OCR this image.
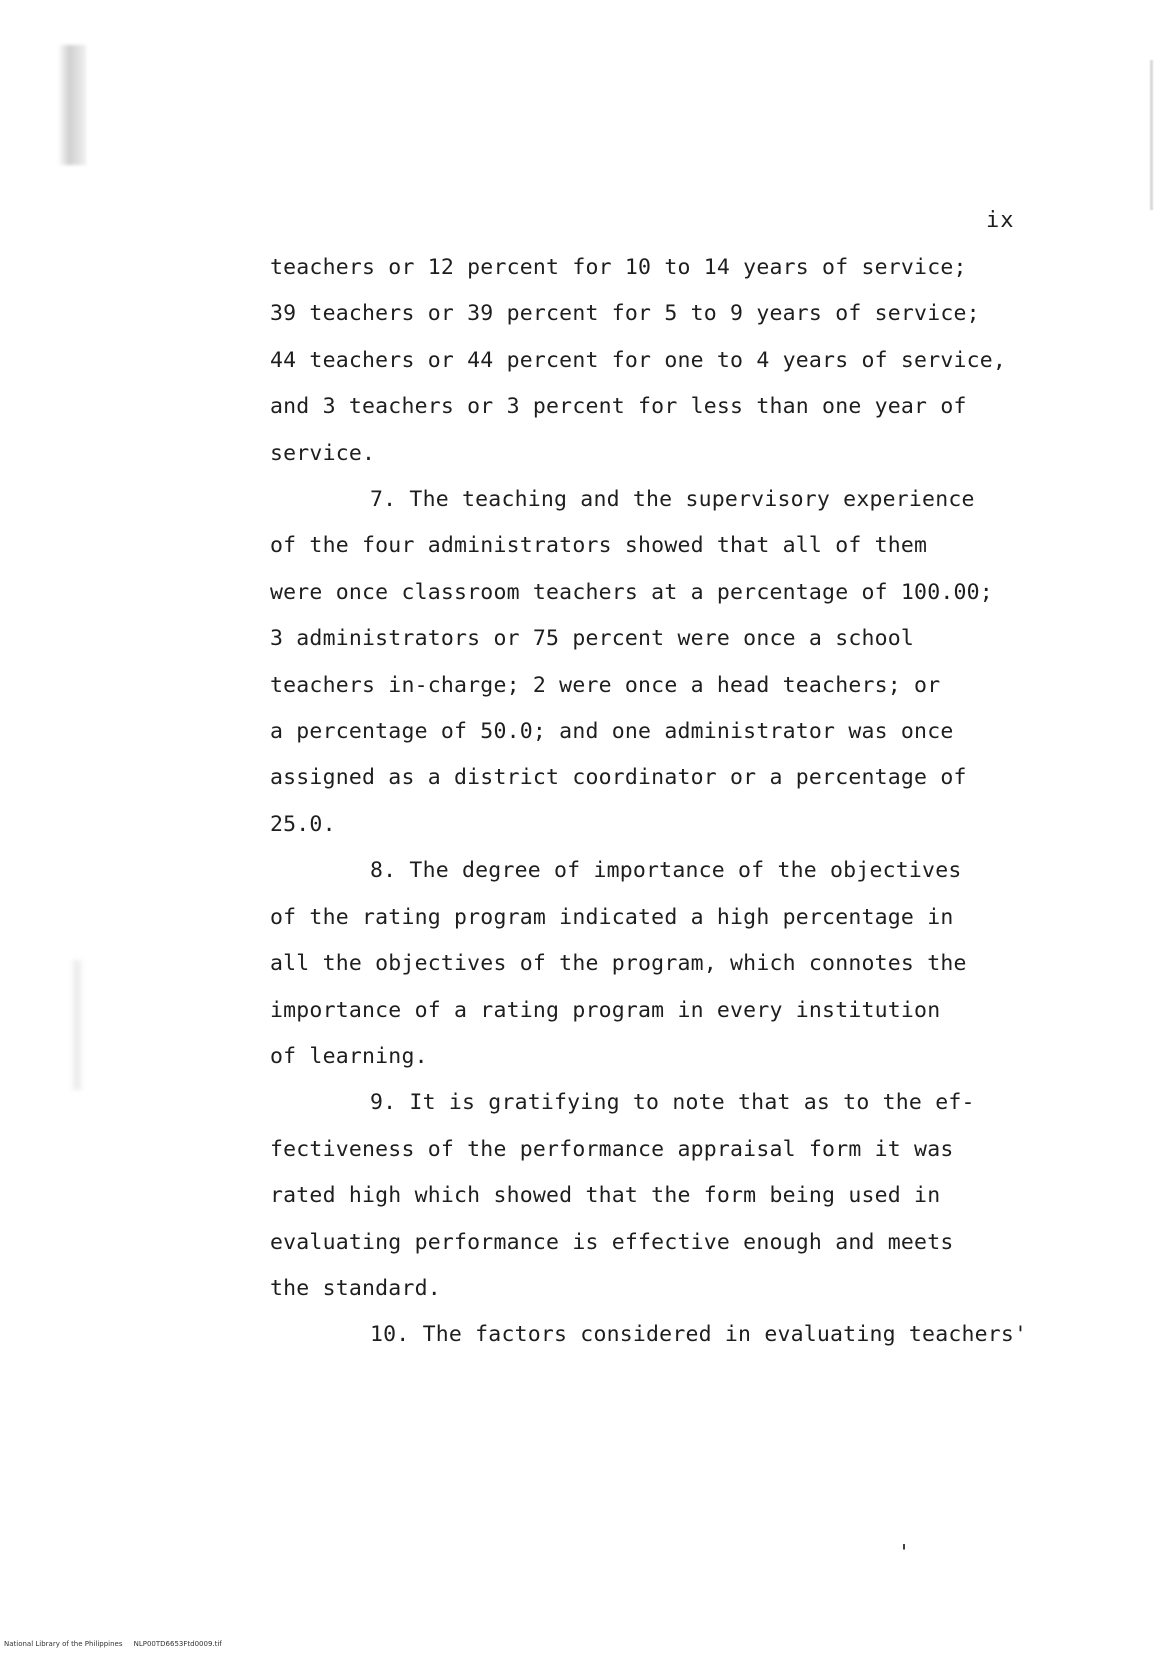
ix
teachers or 12 percent for 10 to 14 years of service;
39 teachers or 39 percent for 5 to 9 years of service;
44 teachers or 44 percent for one to 4 years of service,
and 3 teachers or 3 percent for less than one year of
service.
7. The teaching and the supervisory experience
of the four administrators showed that all of them
were once classroom teachers at a percentage of 100.00;
3 administrators or 75 percent were once a school
teachers in-charge; 2 were once a head teachers; or
a percentage of 50.0; and one administrator was once
assigned as a district coordinator or a percentage of
25.0.
8. The degree of importance of the objectives
of the rating program indicated a high percentage in
all the objectives of the program, which connotes the
importance of a rating program in every institution
of learning.
9. It is gratifying to note that as to the ef-
fectiveness of the performance appraisal form it was
rated high which showed that the form being used in
evaluating performance is effective enough and meets
the standard.
10. The factors considered in evaluating teachers'
'
National Library of the Philippines     NLP00TD6653Ftd0009.tif
